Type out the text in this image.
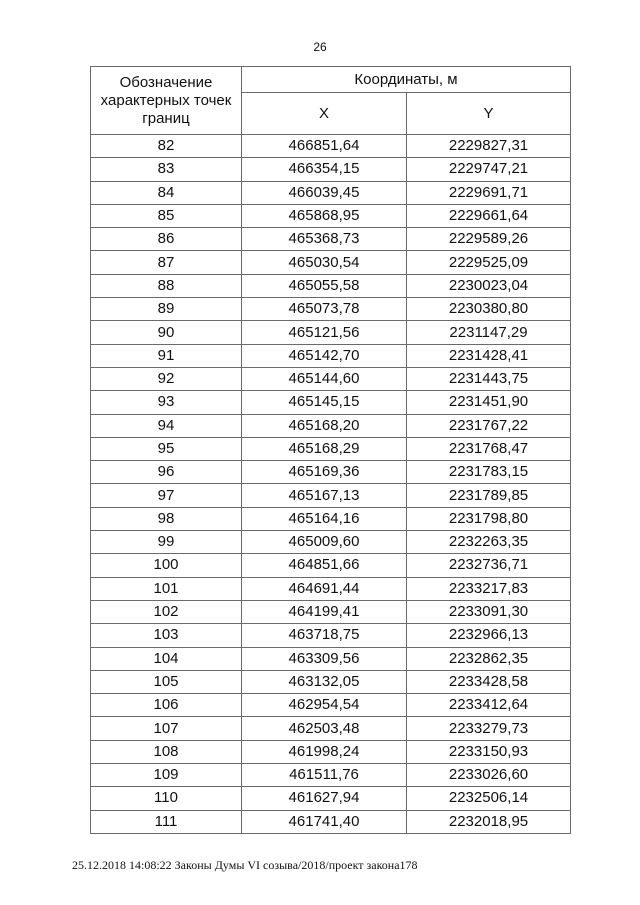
26
Обозначение характерных точек границ	Координаты, м	
	X	Y
82	466851,64	2229827,31
83	466354,15	2229747,21
84	466039,45	2229691,71
85	465868,95	2229661,64
86	465368,73	2229589,26
87	465030,54	2229525,09
88	465055,58	2230023,04
89	465073,78	2230380,80
90	465121,56	2231147,29
91	465142,70	2231428,41
92	465144,60	2231443,75
93	465145,15	2231451,90
94	465168,20	2231767,22
95	465168,29	2231768,47
96	465169,36	2231783,15
97	465167,13	2231789,85
98	465164,16	2231798,80
99	465009,60	2232263,35
100	464851,66	2232736,71
101	464691,44	2233217,83
102	464199,41	2233091,30
103	463718,75	2232966,13
104	463309,56	2232862,35
105	463132,05	2233428,58
106	462954,54	2233412,64
107	462503,48	2233279,73
108	461998,24	2233150,93
109	461511,76	2233026,60
110	461627,94	2232506,14
111	461741,40	2232018,95
25.12.2018 14:08:22 Законы Думы VI созыва/2018/проект закона178
